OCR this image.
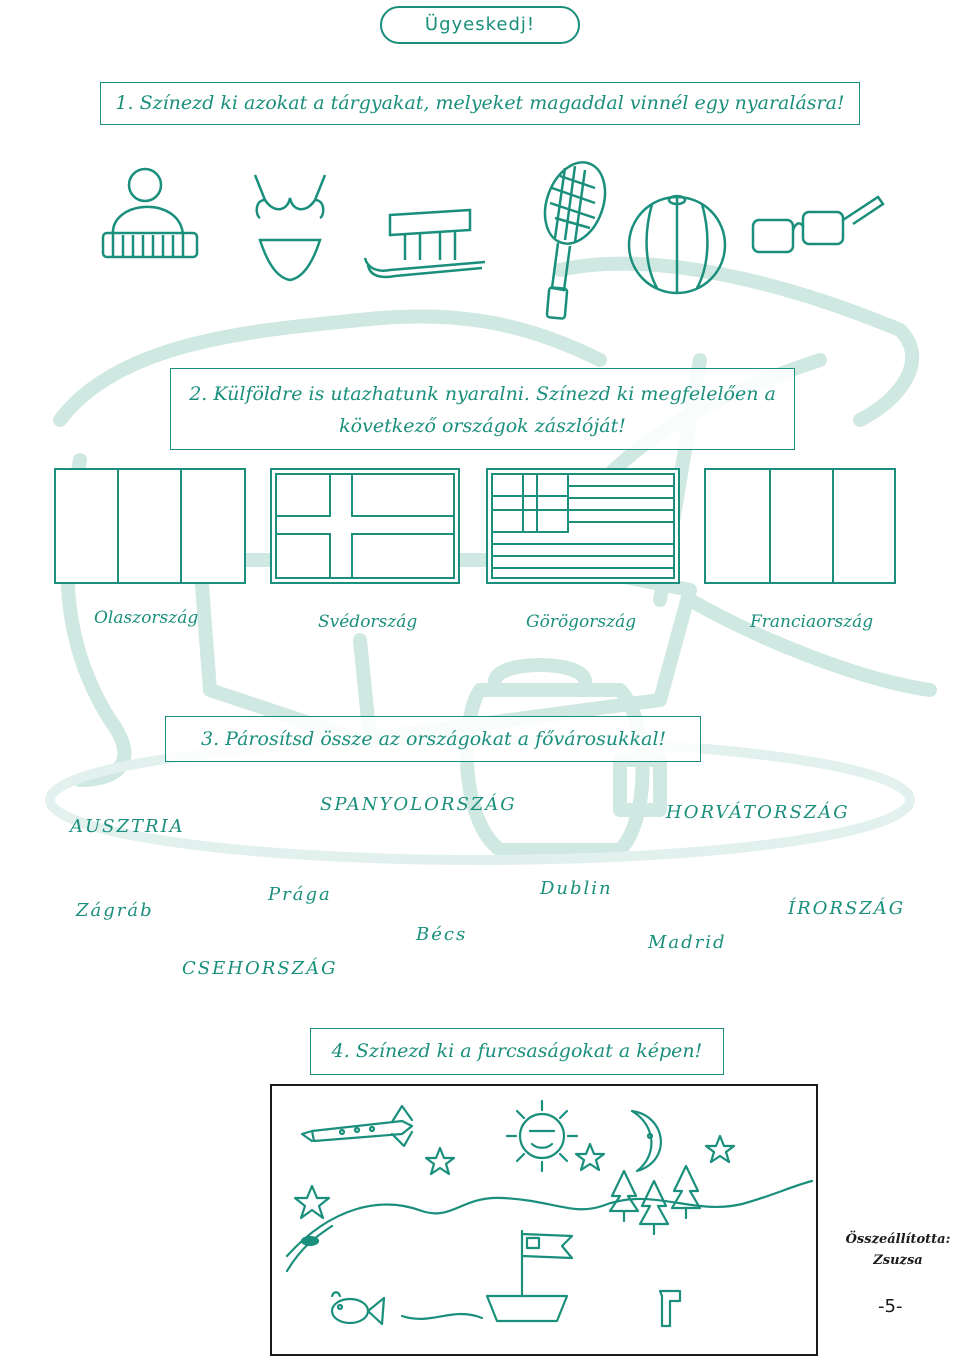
Ügyeskedj!
1. Színezd ki azokat a tárgyakat, melyeket magaddal vinnél egy nyaralásra!
2. Külföldre is utazhatunk nyaralni. Színezd ki megfelelően a
következő országok zászlóját!
Olaszország	Svédország	Görögország	Franciaország
3. Párosítsd össze az országokat a fővárosukkal!
AUSZTRIA
SPANYOLORSZÁG	HORVÁTORSZÁG
Zágráb
Prága	Dublin
ÍRORSZÁG
Bécs	Madrid
CSEHORSZÁG
4. Színezd ki a furcsaságokat a képen!
Összeállította:
Zsuzsa
-5-
